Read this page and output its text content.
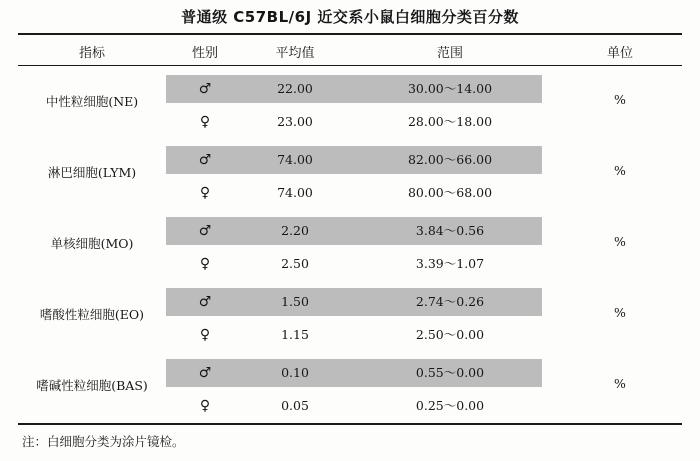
普通级 C57BL/6J 近交系小鼠白细胞分类百分数
指标	性别	平均值	范围	单位
中性粒细胞(NE)	%
♂	22.00	30.00～14.00
♀	23.00	28.00～18.00
淋巴细胞(LYM)	%
♂	74.00	82.00～66.00
♀	74.00	80.00～68.00
单核细胞(MO)	%
♂	2.20	3.84～0.56
♀	2.50	3.39～1.07
嗜酸性粒细胞(EO)	%
♂	1.50	2.74～0.26
♀	1.15	2.50～0.00
嗜碱性粒细胞(BAS)	%
♂	0.10	0.55～0.00
♀	0.05	0.25～0.00
注：白细胞分类为涂片镜检。
